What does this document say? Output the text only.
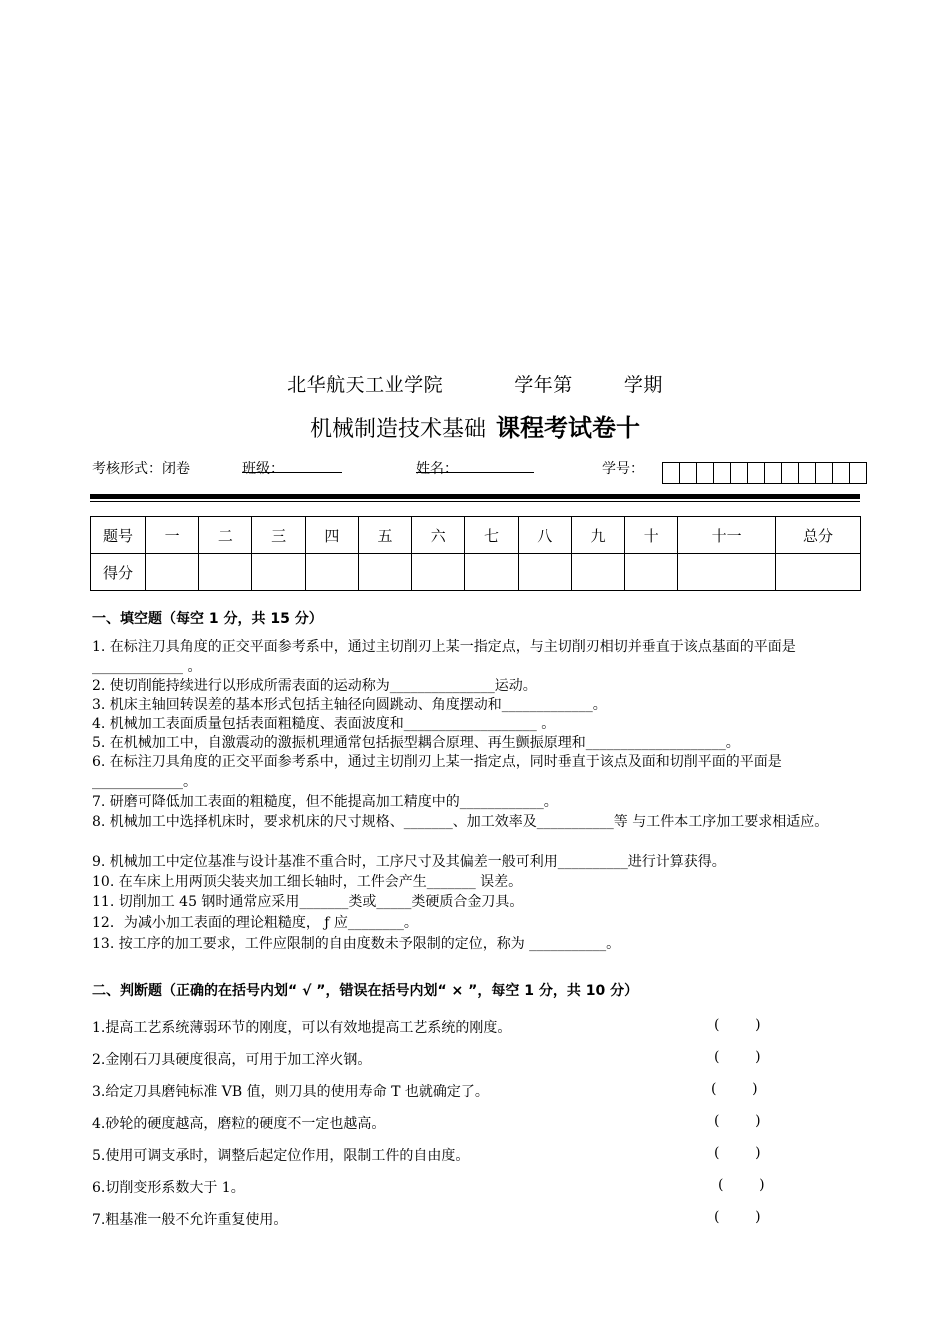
北华航天工业学院	学年第	学期
机械制造技术基础 课程考试卷十
考核形式：闭卷	班级：	姓名：	学号：
题号	一	二	三	四	五	六	七	八	九	十	十一	总分
得分												
一、填空题（每空 1 分，共 15 分）
1. 在标注刀具角度的正交平面参考系中，通过主切削刃上某一指定点，与主切削刃相切并垂直于该点基面的平面是_____________ 。
2. 使切削能持续进行以形成所需表面的运动称为_______________运动。
3. 机床主轴回转误差的基本形式包括主轴径向圆跳动、角度摆动和_____________。
4. 机械加工表面质量包括表面粗糙度、表面波度和___________________ 。
5. 在机械加工中，自激震动的激振机理通常包括振型耦合原理、再生颤振原理和____________________。
6. 在标注刀具角度的正交平面参考系中，通过主切削刃上某一指定点，同时垂直于该点及面和切削平面的平面是_____________。
7. 研磨可降低加工表面的粗糙度，但不能提高加工精度中的____________。
8. 机械加工中选择机床时，要求机床的尺寸规格、_______、加工效率及___________等 与工件本工序加工要求相适应。
9. 机械加工中定位基准与设计基准不重合时，工序尺寸及其偏差一般可利用__________进行计算获得。
10. 在车床上用两顶尖装夹加工细长轴时，工件会产生_______ 误差。
11. 切削加工 45 钢时通常应采用_______类或_____类硬质合金刀具。
12．为减小加工表面的理论粗糙度， ƒ 应________。
13. 按工序的加工要求，工件应限制的自由度数未予限制的定位，称为 ___________。
二、判断题（正确的在括号内划“ √ ”，错误在括号内划“ × ”，每空 1 分，共 10 分）
1.提高工艺系统薄弱环节的刚度，可以有效地提高工艺系统的刚度。	(        )
2.金刚石刀具硬度很高，可用于加工淬火钢。	(        )
3.给定刀具磨钝标准 VB 值，则刀具的使用寿命 T 也就确定了。	(        )
4.砂轮的硬度越高，磨粒的硬度不一定也越高。	(        )
5.使用可调支承时，调整后起定位作用，限制工件的自由度。	(        )
6.切削变形系数大于 1。	(        )
7.粗基准一般不允许重复使用。	(        )
